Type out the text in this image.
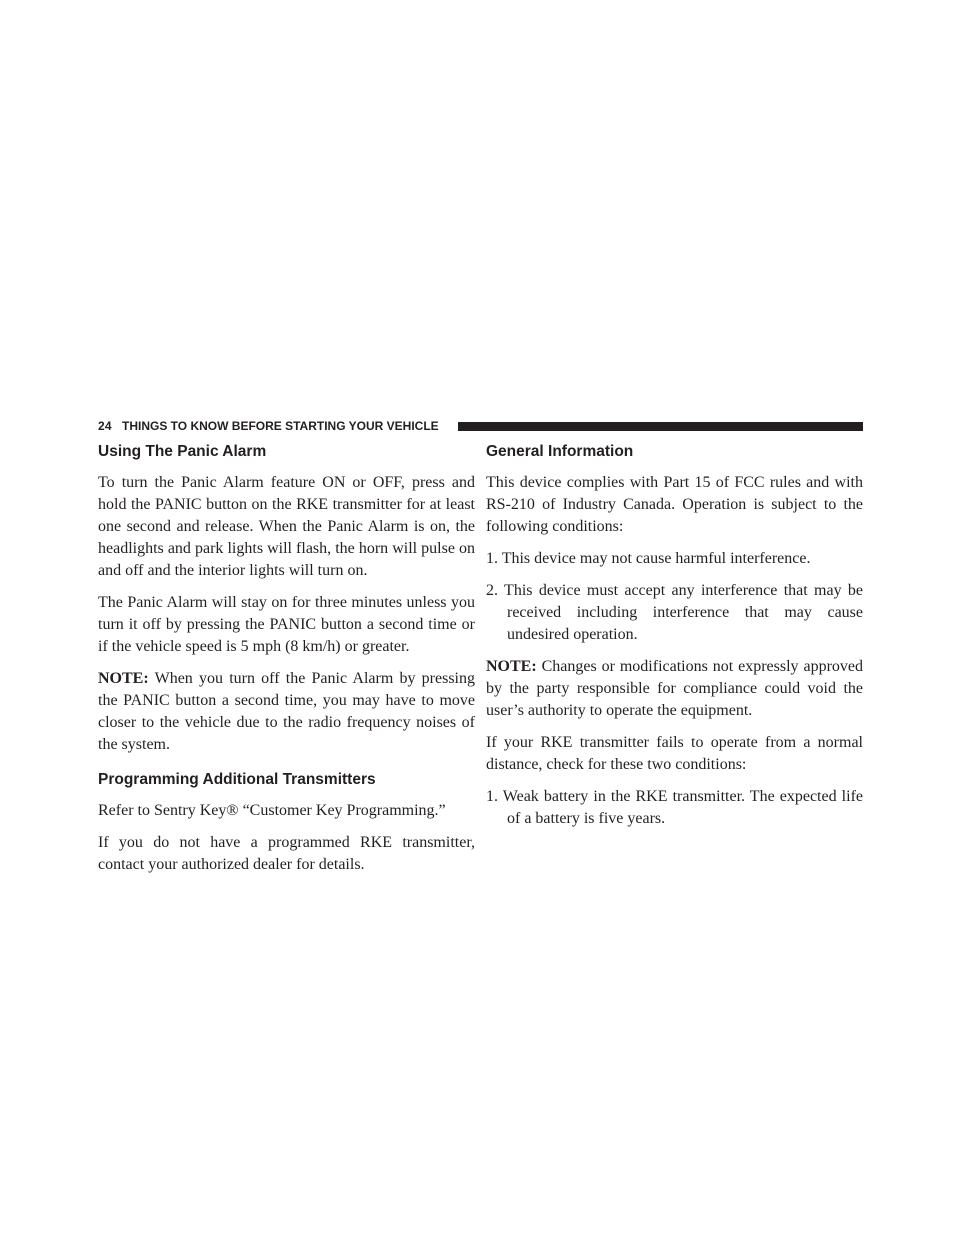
24 THINGS TO KNOW BEFORE STARTING YOUR VEHICLE
Using The Panic Alarm

To turn the Panic Alarm feature ON or OFF, press and hold the PANIC button on the RKE transmitter for at least one second and release. When the Panic Alarm is on, the headlights and park lights will flash, the horn will pulse on and off and the interior lights will turn on.

The Panic Alarm will stay on for three minutes unless you turn it off by pressing the PANIC button a second time or if the vehicle speed is 5 mph (8 km/h) or greater.

NOTE: When you turn off the Panic Alarm by pressing the PANIC button a second time, you may have to move closer to the vehicle due to the radio frequency noises of the system.

Programming Additional Transmitters

Refer to Sentry Key® “Customer Key Programming.”

If you do not have a programmed RKE transmitter, contact your authorized dealer for details.

General Information

This device complies with Part 15 of FCC rules and with RS-210 of Industry Canada. Operation is subject to the following conditions:

1. This device may not cause harmful interference.
2. This device must accept any interference that may be received including interference that may cause undesired operation.

NOTE: Changes or modifications not expressly approved by the party responsible for compliance could void the user’s authority to operate the equipment.

If your RKE transmitter fails to operate from a normal distance, check for these two conditions:

1. Weak battery in the RKE transmitter. The expected life of a battery is five years.
